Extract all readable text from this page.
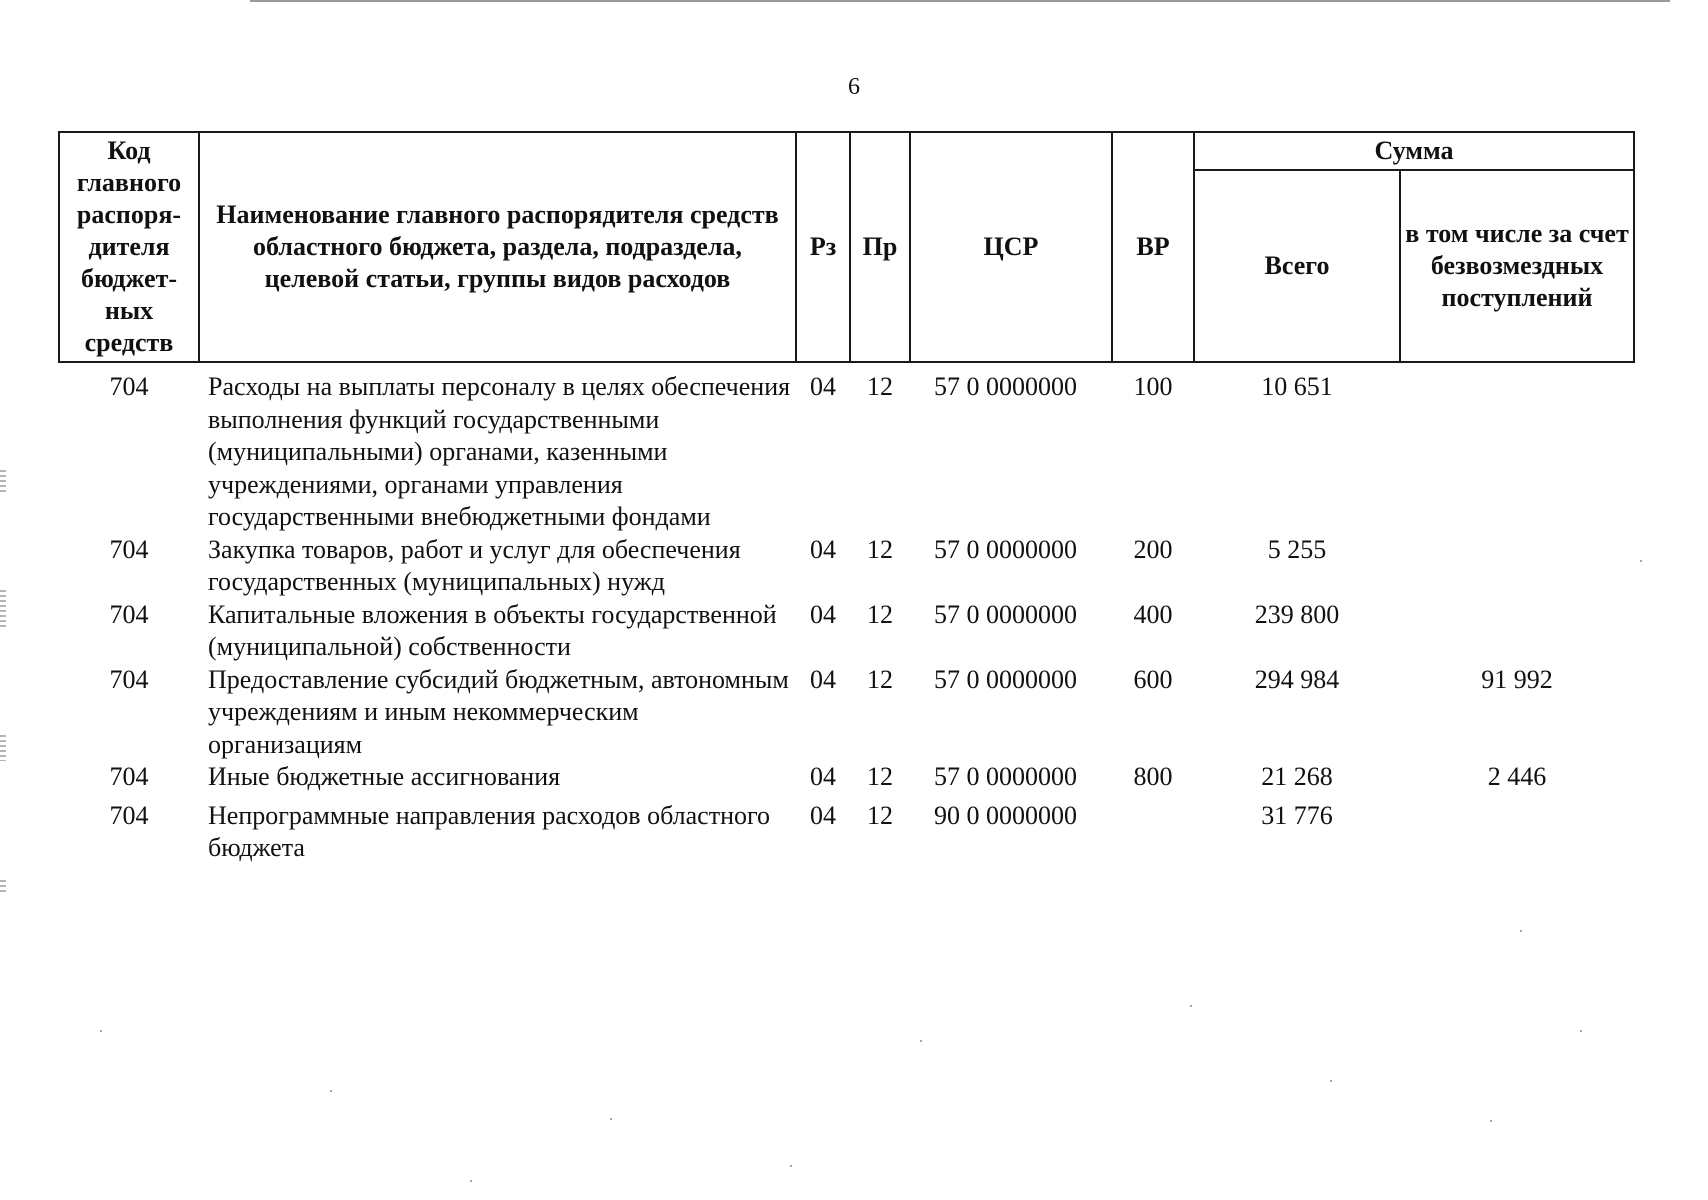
6
Код главного распоря-дителя бюджет-ных средств	Наименование главного распорядителя средств областного бюджета, раздела, подраздела, целевой статьи, группы видов расходов	Рз	Пр	ЦСР	ВР	Сумма	
						Всего	в том числе за счет безвозмездных поступлений
704	Расходы на выплаты персоналу в целях обеспечения выполнения функций государственными (муниципальными) органами, казенными учреждениями, органами управления государственными внебюджетными фондами	04	12	57 0 0000000	100	10 651	
704	Закупка товаров, работ и услуг для обеспечения государственных (муниципальных) нужд	04	12	57 0 0000000	200	5 255	
704	Капитальные вложения в объекты государственной (муниципальной) собственности	04	12	57 0 0000000	400	239 800	
704	Предоставление субсидий бюджетным, автономным учреждениям и иным некоммерческим организациям	04	12	57 0 0000000	600	294 984	91 992
704	Иные бюджетные ассигнования	04	12	57 0 0000000	800	21 268	2 446
704	Непрограммные направления расходов областного бюджета	04	12	90 0 0000000		31 776	
